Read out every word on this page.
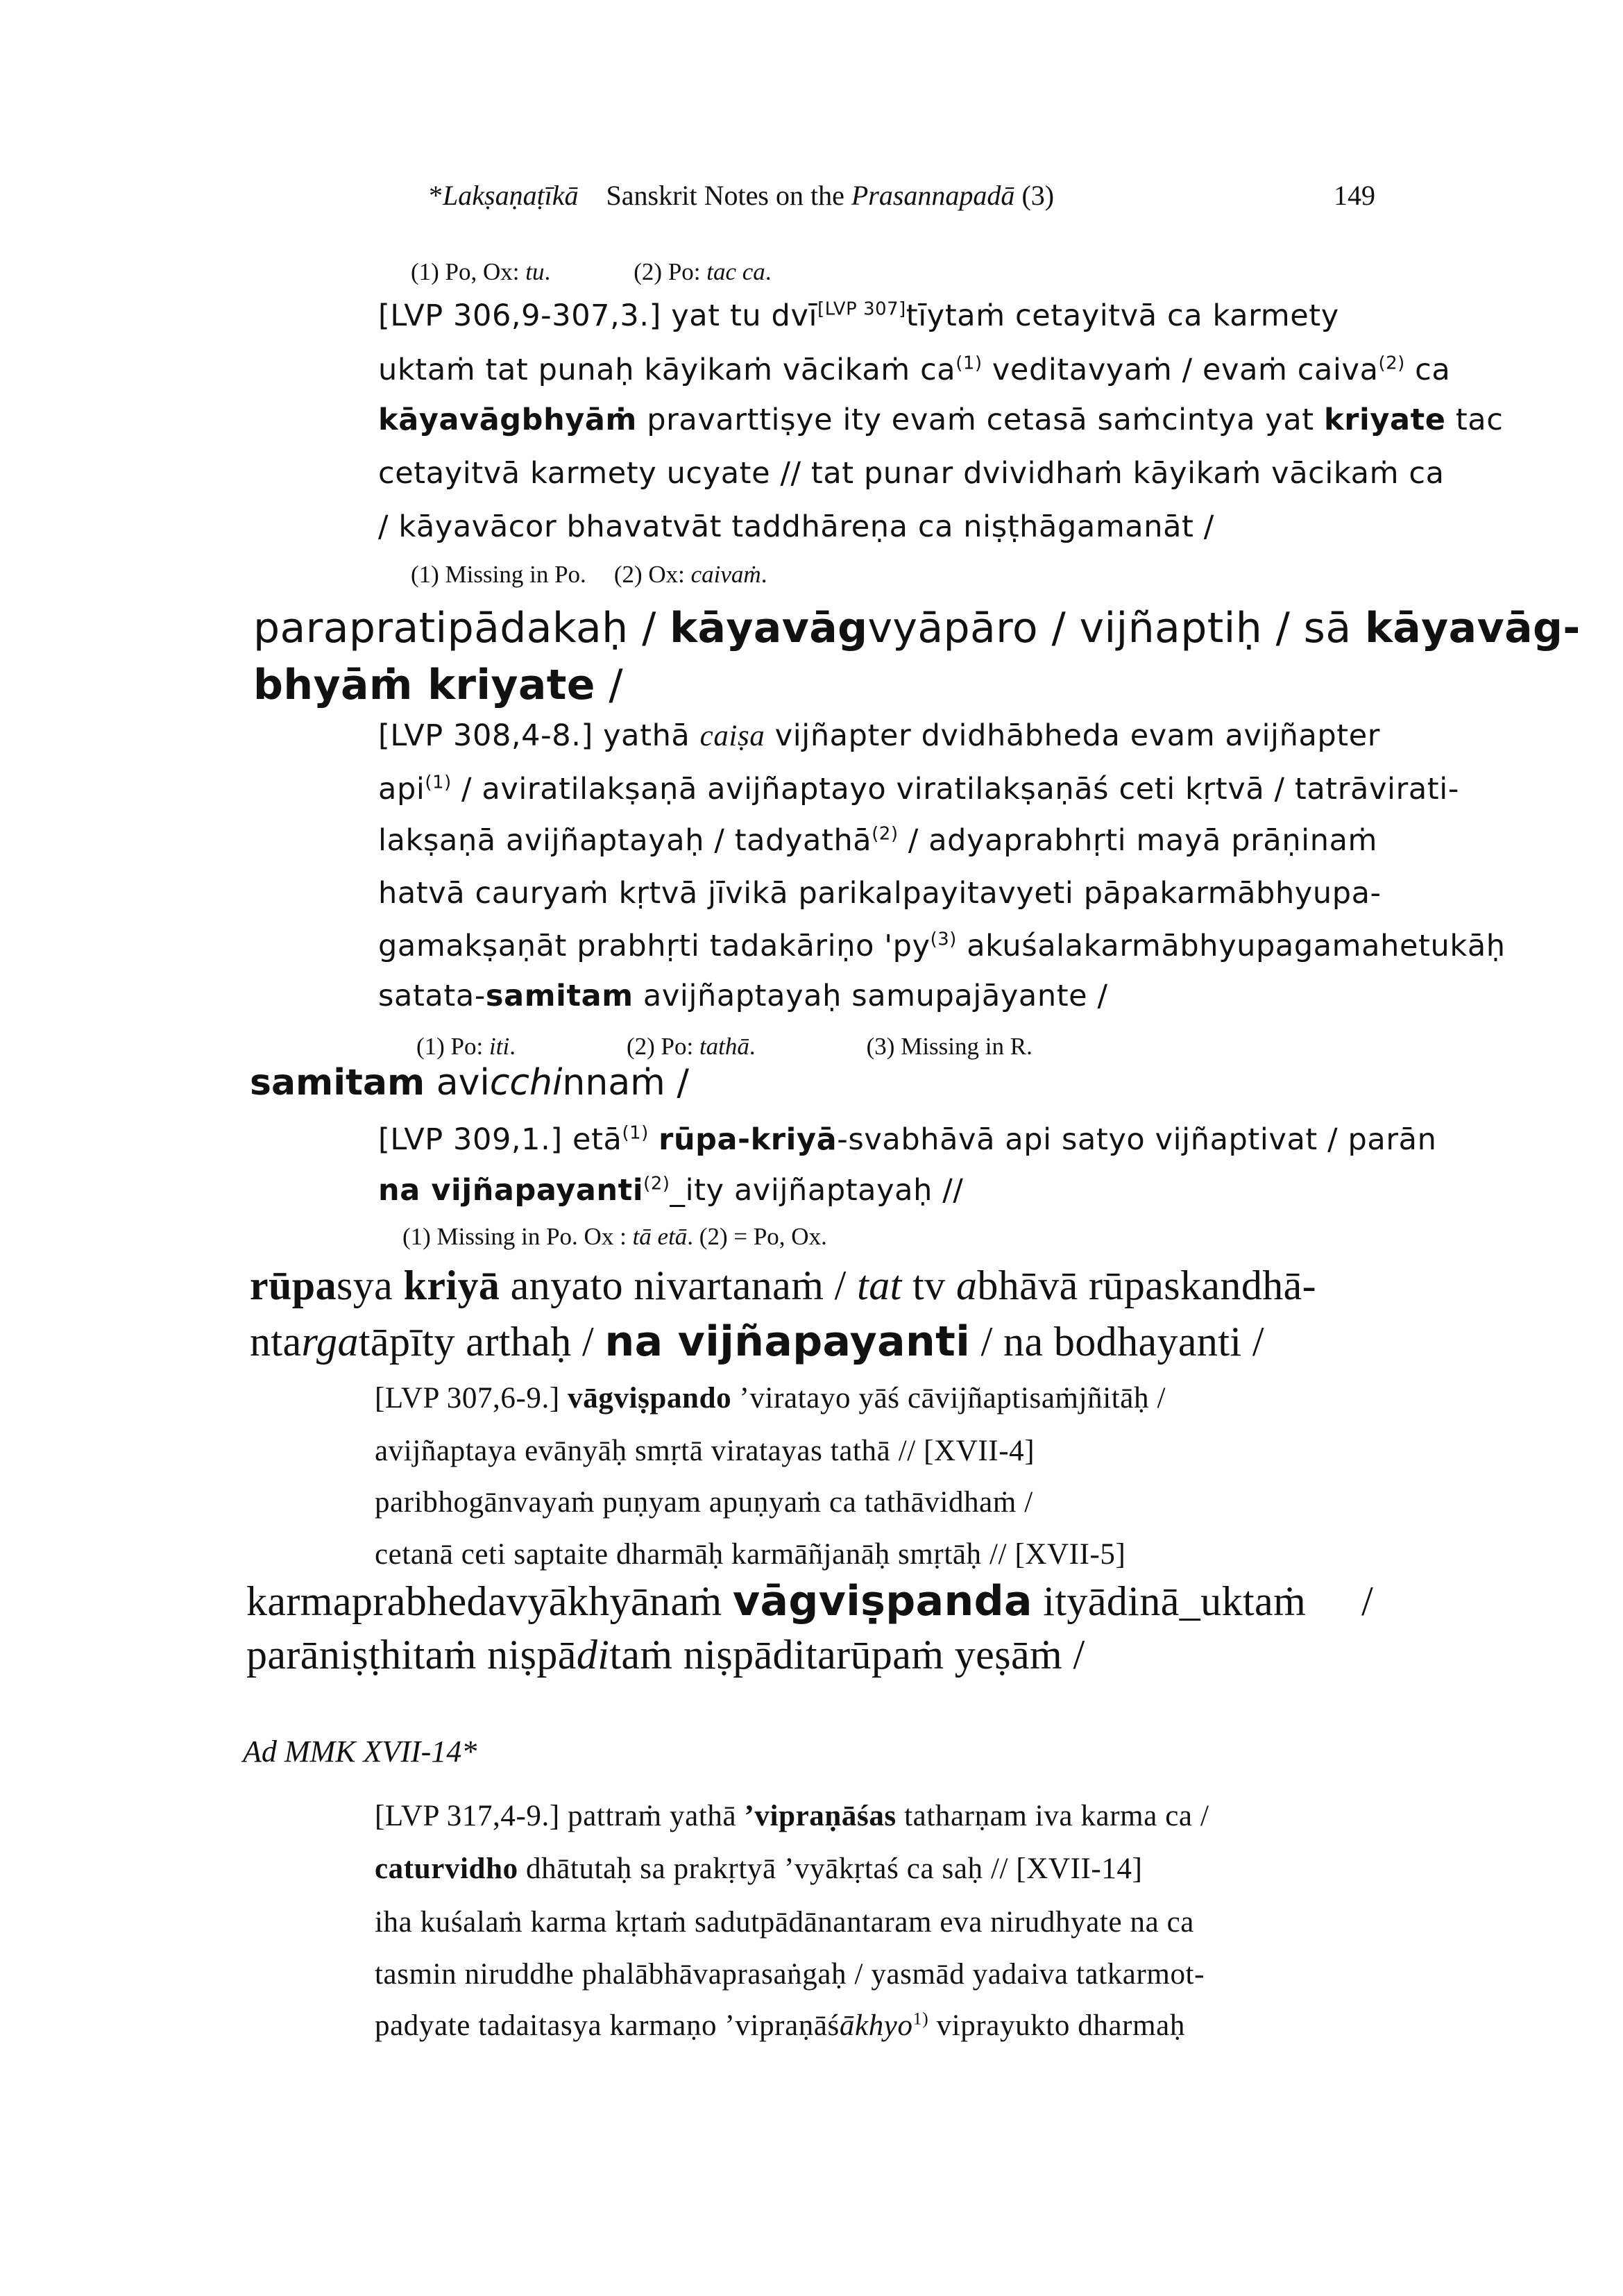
*Lakṣaṇaṭīkā Sanskrit Notes on the Prasannapadā (3)	149
(1) Po, Ox: tu.	(2) Po: tac ca.
[LVP 306,9-307,3.] yat tu dvī[LVP 307]tīytaṁ cetayitvā ca karmety
uktaṁ tat punaḥ kāyikaṁ vācikaṁ $ca^{(1)}$ veditavyaṁ / evaṁ caiva$^{(2)}$ ca
kāyavāgbhyāṁ pravarttiṣye ity evaṁ cetasā saṁcintya yat kriyate tac
cetayitvā karmety ucyate // tat punar dvividhaṁ kāyikaṁ vācikaṁ ca
/ kāyavācor bhavatvāt taddhāreṇa ca niṣṭhāgamanāt /
(1) Missing in Po. (2) Ox: caivaṁ.
parapratipādakaḥ / kāyavāgvyāpāro / vijñaptiḥ / sā kāyavāg-
bhyāṁ kriyate /
[LVP 308,4-8.] yathā caiṣa vijñapter dvidhābheda evam avijñapter
api$^{(1)}$ / aviratilakṣaṇā avijñaptayo viratilakṣaṇāś ceti kṛtvā / tatrāvirati-
lakṣaṇā avijñaptayaḥ / tadyathā$^{(2)}$ / adyaprabhṛti mayā prāṇinaṁ
hatvā cauryaṁ kṛtvā jīvikā parikalpayitavyeti pāpakarmābhyupa-
gamakṣaṇāt prabhṛti tadakāriṇo '$py^{(3)}$ akuśalakarmābhyupagamahetukāḥ
satata-samitam avijñaptayaḥ samupajāyante /
(1) Po: iti.	(2) Po: tathā.	(3) Missing in R.
samitam avicchinnaṁ /
[LVP 309,1.] etā$^{(1)}$ rūpa-kriyā-svabhāvā api satyo vijñaptivat / parān
na vijñapayanti$^{(2)}$_ity avijñaptayaḥ //
(1) Missing in Po. Ox : tā etā. (2) = Po, Ox.
rūpasya kriyā anyato nivartanaṁ / tat tv abhāvā rūpaskandhā-
ntargatāpīty arthaḥ / na vijñapayanti / na bodhayanti /
[LVP 307,6-9.] vāgviṣpando ’viratayo yāś cāvijñaptisaṁjñitāḥ /
avijñaptaya evānyāḥ smṛtā viratayas tathā // [XVII-4]
paribhogānvayaṁ puṇyam apuṇyaṁ ca tathāvidhaṁ /
cetanā ceti saptaite dharmāḥ karmāñjanāḥ smṛtāḥ // [XVII-5]
karmaprabhedavyākhyānaṁ vāgviṣpanda ityādinā_uktaṁ /
parāniṣṭhitaṁ niṣpāditaṁ niṣpāditarūpaṁ yeṣāṁ /
Ad MMK XVII-14*
[LVP 317,4-9.] pattraṁ yathā ’vipraṇāśas tatharṇam iva karma ca /
caturvidho dhātutaḥ sa prakṛtyā ’vyākṛtaś ca saḥ // [XVII-14]
iha kuśalaṁ karma kṛtaṁ sadutpādānantaram eva nirudhyate na ca
tasmin niruddhe phalābhāvaprasaṅgaḥ / yasmād yadaiva tatkarmot-
padyate tadaitasya karmaṇo ’vipraṇāśākhyo$^{1)}$ viprayukto dharmaḥ
